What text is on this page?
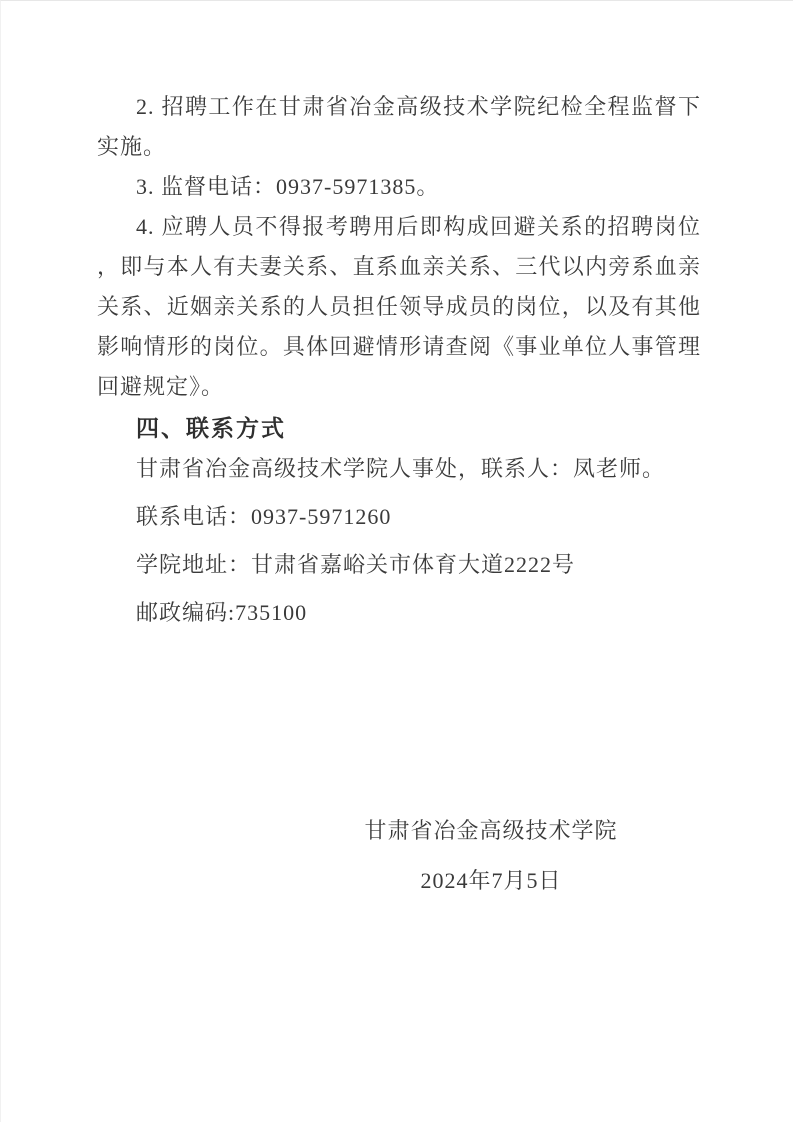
2. 招聘工作在甘肃省冶金高级技术学院纪检全程监督下实施。

3. 监督电话：0937-5971385。

4. 应聘人员不得报考聘用后即构成回避关系的招聘岗位，即与本人有夫妻关系、直系血亲关系、三代以内旁系血亲关系、近姻亲关系的人员担任领导成员的岗位，以及有其他影响情形的岗位。具体回避情形请查阅《事业单位人事管理回避规定》。

四、联系方式

甘肃省冶金高级技术学院人事处，联系人：凤老师。

联系电话：0937-5971260

学院地址：甘肃省嘉峪关市体育大道2222号

邮政编码:735100

甘肃省冶金高级技术学院

2024年7月5日
